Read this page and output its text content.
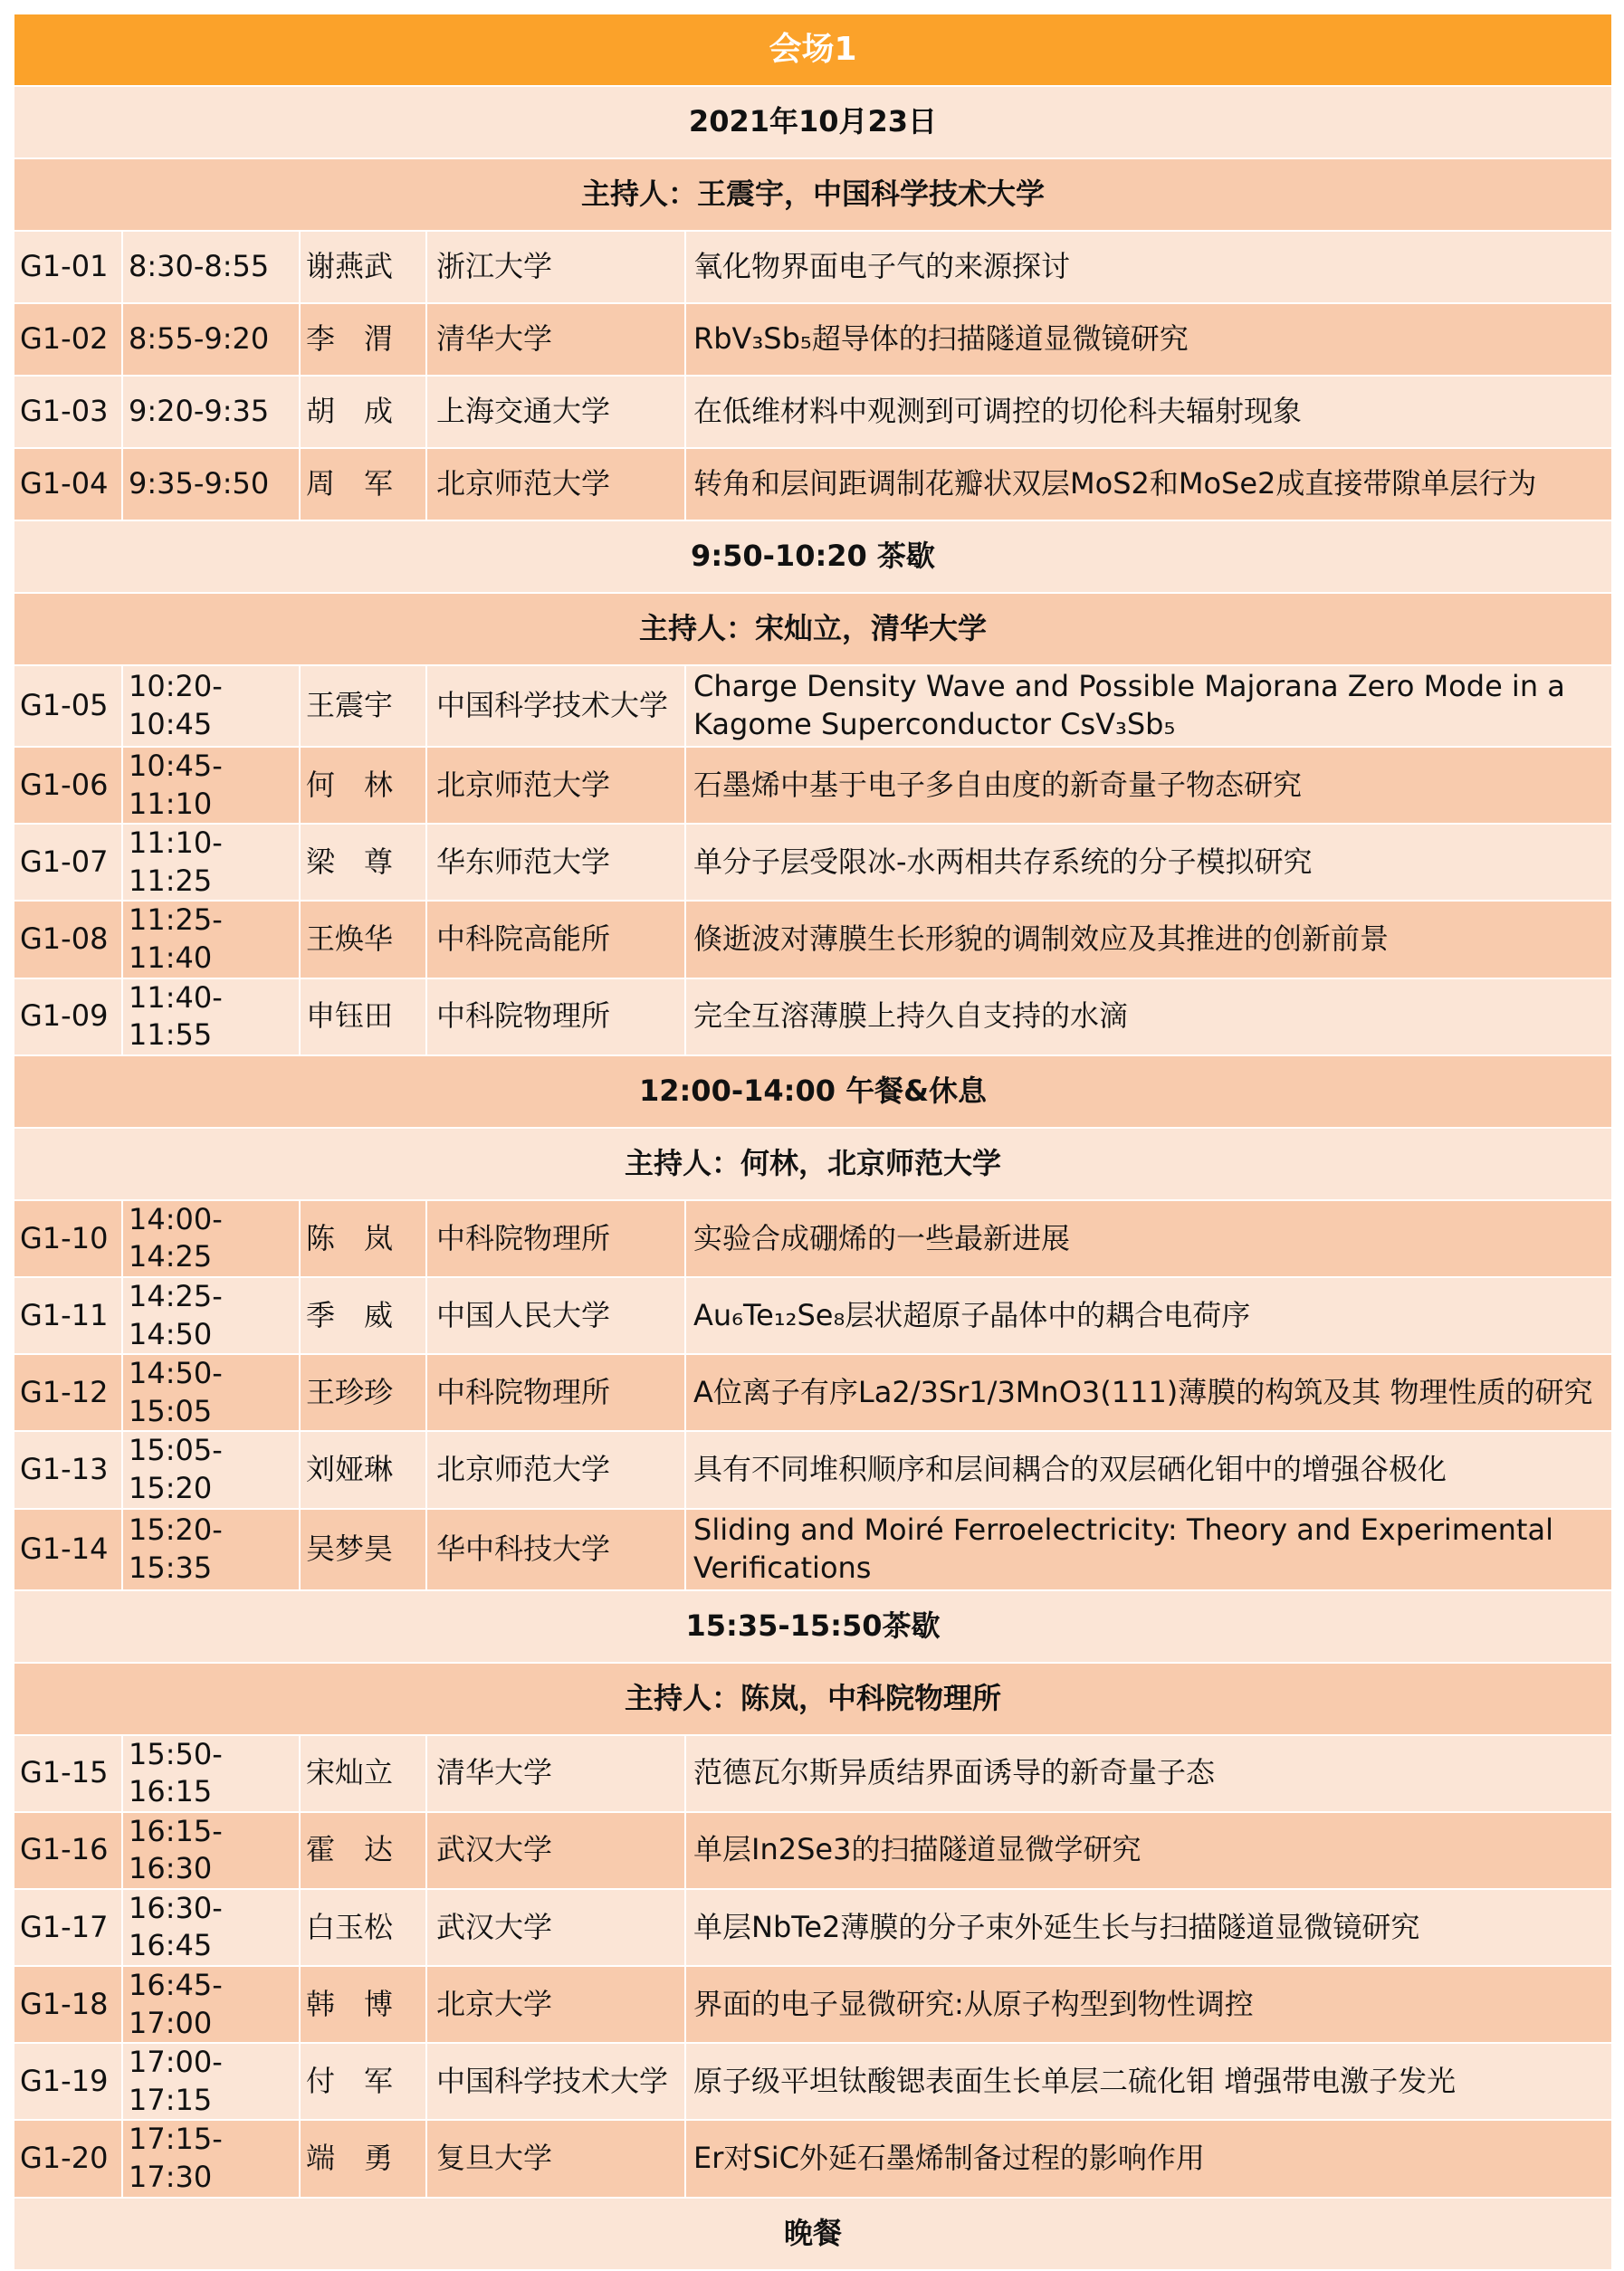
会场1				
2021年10月23日				
主持人：王震宇，中国科学技术大学				
G1-01	8:30-8:55	谢燕武	浙江大学	氧化物界面电子气的来源探讨
G1-02	8:55-9:20	李　渭	清华大学	RbV₃Sb₅超导体的扫描隧道显微镜研究
G1-03	9:20-9:35	胡　成	上海交通大学	在低维材料中观测到可调控的切伦科夫辐射现象
G1-04	9:35-9:50	周　军	北京师范大学	转角和层间距调制花瓣状双层MoS2和MoSe2成直接带隙单层行为
9:50-10:20 茶歇				
主持人：宋灿立，清华大学				
G1-05	10:20-10:45	王震宇	中国科学技术大学	Charge Density Wave and Possible Majorana Zero Mode in a Kagome Superconductor CsV₃Sb₅
G1-06	10:45-11:10	何　林	北京师范大学	石墨烯中基于电子多自由度的新奇量子物态研究
G1-07	11:10-11:25	梁　尊	华东师范大学	单分子层受限冰-水两相共存系统的分子模拟研究
G1-08	11:25-11:40	王焕华	中科院高能所	倏逝波对薄膜生长形貌的调制效应及其推进的创新前景
G1-09	11:40-11:55	申钰田	中科院物理所	完全互溶薄膜上持久自支持的水滴
12:00-14:00 午餐&休息				
主持人：何林，北京师范大学				
G1-10	14:00-14:25	陈　岚	中科院物理所	实验合成硼烯的一些最新进展
G1-11	14:25-14:50	季　威	中国人民大学	Au₆Te₁₂Se₈层状超原子晶体中的耦合电荷序
G1-12	14:50-15:05	王珍珍	中科院物理所	A位离子有序La2/3Sr1/3MnO3(111)薄膜的构筑及其 物理性质的研究
G1-13	15:05-15:20	刘娅琳	北京师范大学	具有不同堆积顺序和层间耦合的双层硒化钼中的增强谷极化
G1-14	15:20-15:35	吴梦昊	华中科技大学	Sliding and Moiré Ferroelectricity: Theory and Experimental Verifications
15:35-15:50茶歇				
主持人：陈岚，中科院物理所				
G1-15	15:50-16:15	宋灿立	清华大学	范德瓦尔斯异质结界面诱导的新奇量子态
G1-16	16:15-16:30	霍　达	武汉大学	单层In2Se3的扫描隧道显微学研究
G1-17	16:30-16:45	白玉松	武汉大学	单层NbTe2薄膜的分子束外延生长与扫描隧道显微镜研究
G1-18	16:45-17:00	韩　博	北京大学	界面的电子显微研究:从原子构型到物性调控
G1-19	17:00-17:15	付　军	中国科学技术大学	原子级平坦钛酸锶表面生长单层二硫化钼 增强带电激子发光
G1-20	17:15-17:30	端　勇	复旦大学	Er对SiC外延石墨烯制备过程的影响作用
晚餐				
